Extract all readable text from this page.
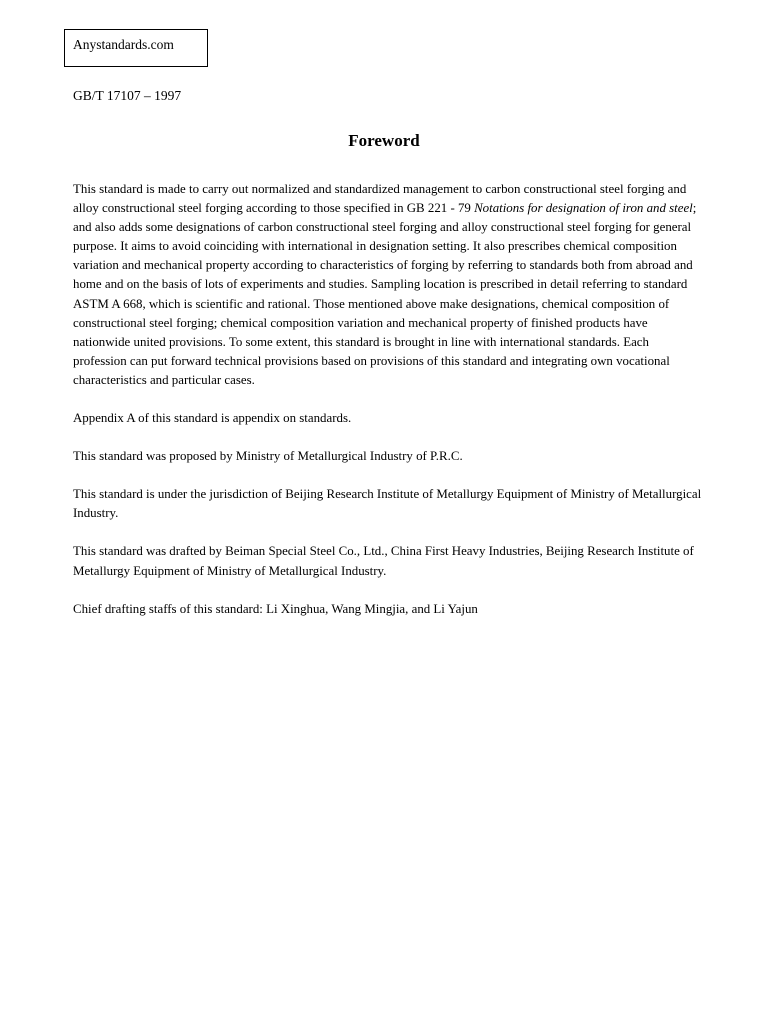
Anystandards.com
GB/T 17107 – 1997
Foreword

This standard is made to carry out normalized and standardized management to carbon constructional steel forging and alloy constructional steel forging according to those specified in GB 221 - 79 Notations for designation of iron and steel; and also adds some designations of carbon constructional steel forging and alloy constructional steel forging for general purpose. It aims to avoid coinciding with international in designation setting. It also prescribes chemical composition variation and mechanical property according to characteristics of forging by referring to standards both from abroad and home and on the basis of lots of experiments and studies. Sampling location is prescribed in detail referring to standard ASTM A 668, which is scientific and rational. Those mentioned above make designations, chemical composition of constructional steel forging; chemical composition variation and mechanical property of finished products have nationwide united provisions. To some extent, this standard is brought in line with international standards. Each profession can put forward technical provisions based on provisions of this standard and integrating own vocational characteristics and particular cases.

Appendix A of this standard is appendix on standards.

This standard was proposed by Ministry of Metallurgical Industry of P.R.C.

This standard is under the jurisdiction of Beijing Research Institute of Metallurgy Equipment of Ministry of Metallurgical Industry.

This standard was drafted by Beiman Special Steel Co., Ltd., China First Heavy Industries, Beijing Research Institute of Metallurgy Equipment of Ministry of Metallurgical Industry.

Chief drafting staffs of this standard: Li Xinghua, Wang Mingjia, and Li Yajun
